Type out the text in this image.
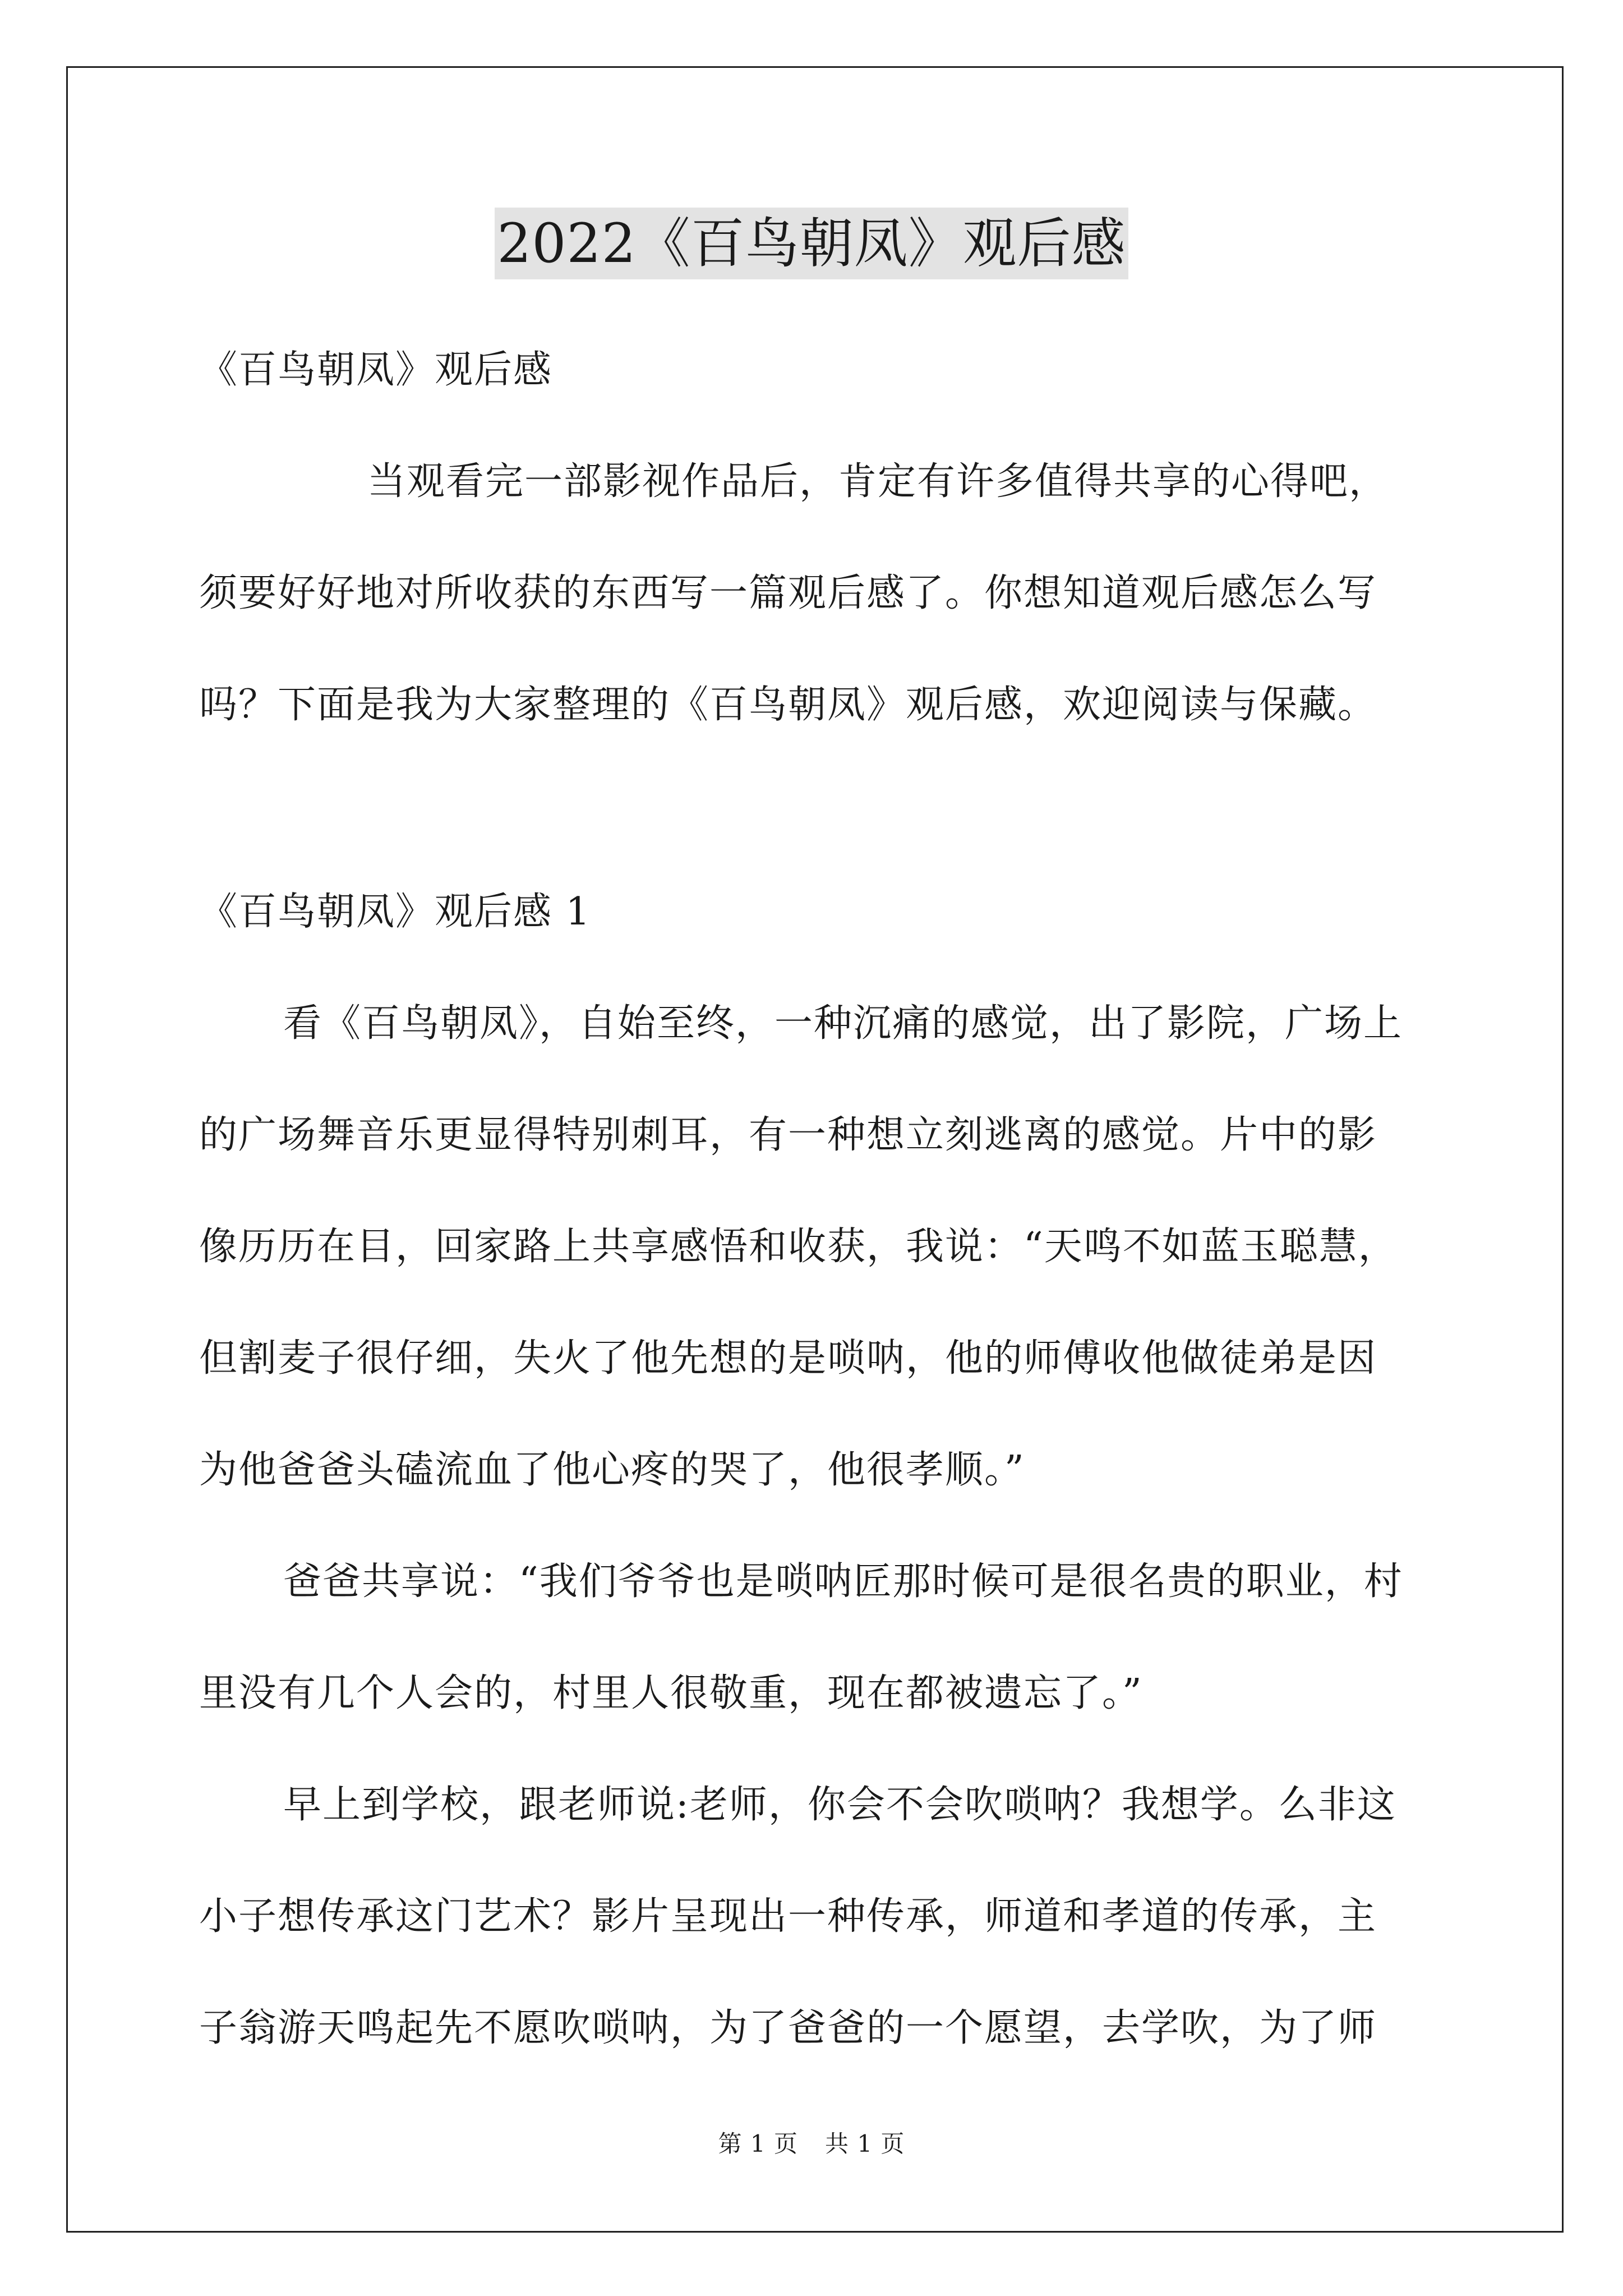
2022《百鸟朝凤》观后感
《百鸟朝凤》观后感
当观看完一部影视作品后，肯定有许多值得共享的心得吧，
须要好好地对所收获的东西写一篇观后感了。你想知道观后感怎么写
吗？下面是我为大家整理的《百鸟朝凤》观后感，欢迎阅读与保藏。
《百鸟朝凤》观后感 1
看《百鸟朝凤》，自始至终，一种沉痛的感觉，出了影院，广场上
的广场舞音乐更显得特别刺耳，有一种想立刻逃离的感觉。片中的影
像历历在目，回家路上共享感悟和收获，我说：“天鸣不如蓝玉聪慧，
但割麦子很仔细，失火了他先想的是唢呐，他的师傅收他做徒弟是因
为他爸爸头磕流血了他心疼的哭了，他很孝顺。”
爸爸共享说：“我们爷爷也是唢呐匠那时候可是很名贵的职业，村
里没有几个人会的，村里人很敬重，现在都被遗忘了。”
早上到学校，跟老师说:老师，你会不会吹唢呐？我想学。么非这
小子想传承这门艺术？影片呈现出一种传承，师道和孝道的传承，主
子翁游天鸣起先不愿吹唢呐，为了爸爸的一个愿望，去学吹，为了师
第 1 页 共 1 页
